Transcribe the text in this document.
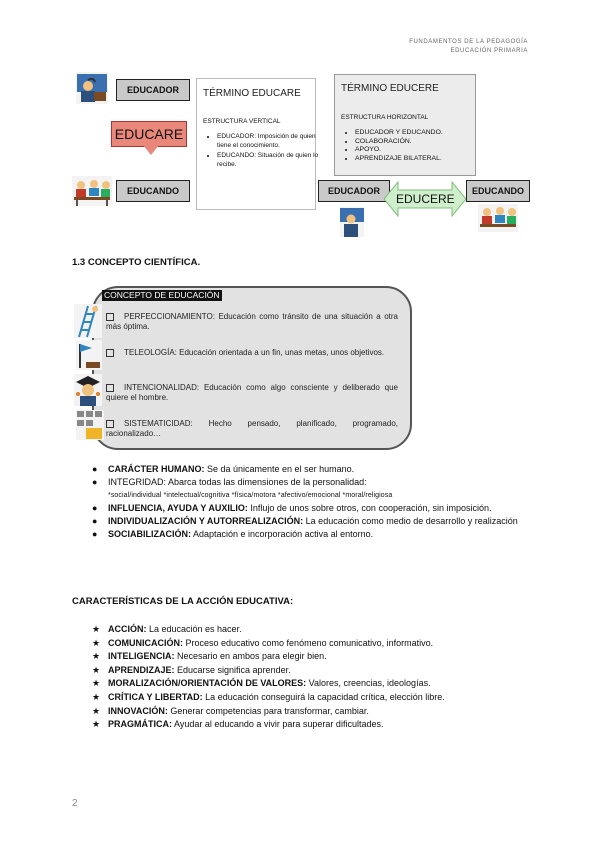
FUNDAMENTOS DE LA PEDAGOGÍA
EDUCACIÓN PRIMARIA
EDUCADOR
EDUCARE
EDUCANDO
TÉRMINO EDUCARE
ESTRUCTURA VERTICAL
• EDUCADOR: Imposición de quien tiene el conocimiento.
• EDUCANDO: Situación de quien lo recibe.
TÉRMINO EDUCERE
ESTRUCTURA HORIZONTAL
• EDUCADOR Y EDUCANDO.
• COLABORACIÓN.
• APOYO.
• APRENDIZAJE BILATERAL.
EDUCADOR
EDUCERE
EDUCANDO
1.3 CONCEPTO CIENTÍFICA.
CONCEPTO DE EDUCACIÓN
PERFECCIONAMIENTO: Educación como tránsito de una situación a otra más óptima.
TELEOLOGÍA: Educación orientada a un fin, unas metas, unos objetivos.
INTENCIONALIDAD: Educación como algo consciente y deliberado que quiere el hombre.
SISTEMATICIDAD: Hecho pensado, planificado, programado, racionalizado…
● CARÁCTER HUMANO: Se da únicamente en el ser humano.
● INTEGRIDAD: Abarca todas las dimensiones de la personalidad:
*social/individual *intelectual/cognitiva *física/motora *afectivo/emocional *moral/religiosa
● INFLUENCIA, AYUDA Y AUXILIO: Influjo de unos sobre otros, con cooperación, sin imposición.
● INDIVIDUALIZACIÓN Y AUTORREALIZACIÓN: La educación como medio de desarrollo y realización
● SOCIABILIZACIÓN: Adaptación e incorporación activa al entorno.
CARACTERÍSTICAS DE LA ACCIÓN EDUCATIVA:
★ ACCIÓN: La educación es hacer.
★ COMUNICACIÓN: Proceso educativo como fenómeno comunicativo, informativo.
★ INTELIGENCIA: Necesario en ambos para elegir bien.
★ APRENDIZAJE: Educarse significa aprender.
★ MORALIZACIÓN/ORIENTACIÓN DE VALORES: Valores, creencias, ideologías.
★ CRÍTICA Y LIBERTAD: La educación conseguirá la capacidad crítica, elección libre.
★ INNOVACIÓN: Generar competencias para transformar, cambiar.
★ PRAGMÁTICA: Ayudar al educando a vivir para superar dificultades.
2
